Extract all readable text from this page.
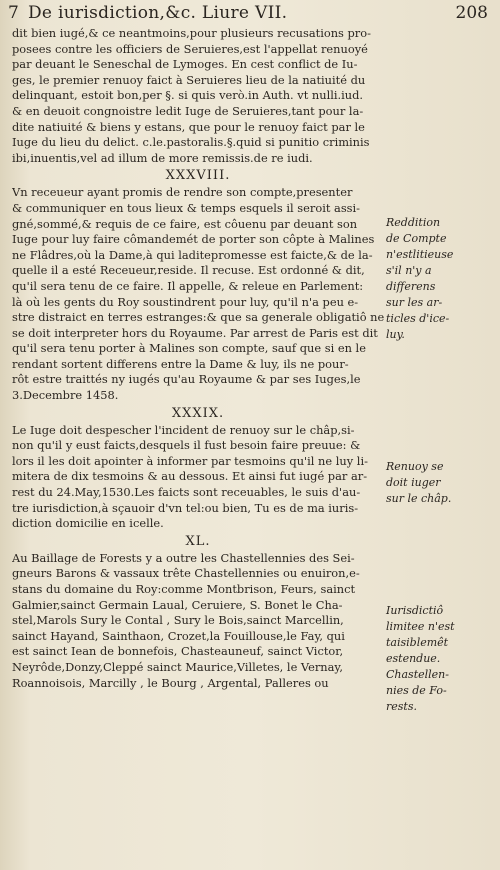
7 De iurisdiction,&c. Liure VII.	208
dit bien iugé,& ce neantmoins,pour plusieurs recusations pro-
posees contre les officiers de Seruieres,est l'appellat renuoyé
par deuant le Seneschal de Lymoges. En cest conflict de Iu-
ges, le premier renuoy faict à Seruieres lieu de la natiuité du
delinquant, estoit bon,per §. si quis verò.in Auth. vt nulli.iud.
& en deuoit congnoistre ledit Iuge de Seruieres,tant pour la-
dite natiuité & biens y estans, que pour le renuoy faict par le
Iuge du lieu du delict. c.le.pastoralis.§.quid si punitio criminis
ibi,inuentis,vel ad illum de more remissis.de re iudi.
XXXVIII.
Vn receueur ayant promis de rendre son compte,presenter
& communiquer en tous lieux & temps esquels il seroit assi-
gné,sommé,& requis de ce faire, est côuenu par deuant son
Iuge pour luy faire cômandemét de porter son côpte à Malines
ne Flâdres,où la Dame,à qui laditepromesse est faicte,& de la-
quelle il a esté Receueur,reside. Il recuse. Est ordonné & dit,
qu'il sera tenu de ce faire. Il appelle, & releue en Parlement:
là où les gents du Roy soustindrent pour luy, qu'il n'a peu e-
stre distraict en terres estranges:& que sa generale obligatiô ne
se doit interpreter hors du Royaume. Par arrest de Paris est dit
qu'il sera tenu porter à Malines son compte, sauf que si en le
rendant sortent differens entre la Dame & luy, ils ne pour-
rôt estre traittés ny iugés qu'au Royaume & par ses Iuges,le
3.Decembre 1458.
XXXIX.
Le Iuge doit despescher l'incident de renuoy sur le châp,si-
non qu'il y eust faicts,desquels il fust besoin faire preuue: &
lors il les doit apointer à informer par tesmoins qu'il ne luy li-
mitera de dix tesmoins & au dessous. Et ainsi fut iugé par ar-
rest du 24.May,1530.Les faicts sont receuables, le suis d'au-
tre iurisdiction,à sçauoir d'vn tel:ou bien, Tu es de ma iuris-
diction domicilie en icelle.
XL.
Au Baillage de Forests y a outre les Chastellennies des Sei-
gneurs Barons & vassaux trête Chastellennies ou enuiron,e-
stans du domaine du Roy:comme Montbrison, Feurs, sainct
Galmier,sainct Germain Laual, Ceruiere, S. Bonet le Cha-
stel,Marols Sury le Contal , Sury le Bois,sainct Marcellin,
sainct Hayand, Sainthaon, Crozet,la Fouillouse,le Fay, qui
est sainct Iean de bonnefois, Chasteauneuf, sainct Victor,
Neyrôde,Donzy,Cleppé sainct Maurice,Villetes, le Vernay,
Roannoisois, Marcilly , le Bourg , Argental, Palleres ou
Reddition
de Compte
n'estlitieuse
s'il n'y a
differens
sur les ar-
ticles d'ice-
luy.
Renuoy se
doit iuger
sur le châp.
Iurisdictiô
limitee n'est
taisiblemêt
estendue.
Chastellen-
nies de Fo-
rests.
